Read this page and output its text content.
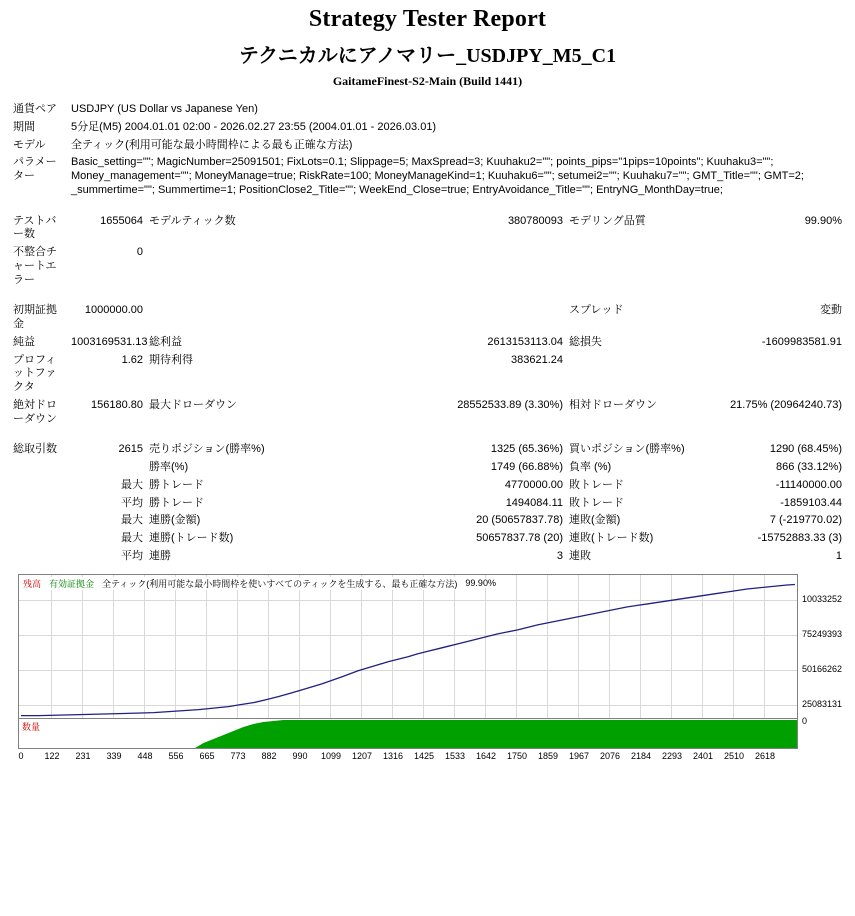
Strategy Tester Report
テクニカルにアノマリー_USDJPY_M5_C1
GaitameFinest-S2-Main (Build 1441)
通貨ペア	USDJPY (US Dollar vs Japanese Yen)				
期間	5分足(M5) 2004.01.01 02:00 - 2026.02.27 23:55 (2004.01.01 - 2026.03.01)				
モデル	全ティック(利用可能な最小時間枠による最も正確な方法)				
パラメーター	Basic_setting=""; MagicNumber=25091501; FixLots=0.1; Slippage=5; MaxSpread=3; Kuuhaku2=""; points_pips="1pips=10points"; Kuuhaku3=""; Money_management=""; MoneyManage=true; RiskRate=100; MoneyManageKind=1; Kuuhaku6=""; setumei2=""; Kuuhaku7=""; GMT_Title=""; GMT=2; _summertime=""; Summertime=1; PositionClose2_Title=""; WeekEnd_Close=true; EntryAvoidance_Title=""; EntryNG_MonthDay=true;				

テストバー数	1655064	モデルティック数	380780093	モデリング品質	99.90%
不整合チャートエラー	0				

初期証拠金	1000000.00			スプレッド	変動
純益	1003169531.13	総利益	2613153113.04	総損失	-1609983581.91
プロフィットファクタ	1.62	期待利得	383621.24		
絶対ドローダウン	156180.80	最大ドローダウン	28552533.89 (3.30%)	相対ドローダウン	21.75% (20964240.73)

総取引数	2615	売りポジション(勝率%)	1325 (65.36%)	買いポジション(勝率%)	1290 (68.45%)
		勝率(%)	1749 (66.88%)	負率 (%)	866 (33.12%)
	最大	勝トレード	4770000.00	敗トレード	-11140000.00
	平均	勝トレード	1494084.11	敗トレード	-1859103.44
	最大	連勝(金額)	20 (50657837.78)	連敗(金額)	7 (-219770.02)
	最大	連勝(トレード数)	50657837.78 (20)	連敗(トレード数)	-15752883.33 (3)
	平均	連勝	3	連敗	1
残高 有効証拠金 全ティック(利用可能な最小時間枠を使いすべてのティックを生成する、最も正確な方法) 99.90%
10033252
75249393
50166262
25083131
0
数量
0 122 231 339 448 556 665 773 882 990 1099 1207 1316 1425 1533 1642 1750 1859 1967 2076 2184 2293 2401 2510 2618
